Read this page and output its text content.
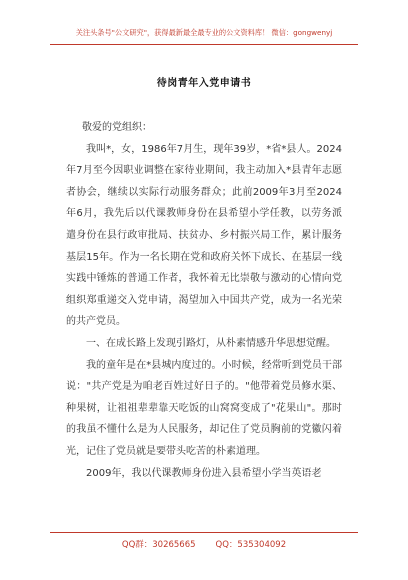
关注头条号"公文研究"，获得最新最全最专业的公文资料库！ 微信：gongwenyj
待岗青年入党申请书

敬爱的党组织：

我叫*，女，1986年7月生，现年39岁，*省*县人。2024年7月至今因职业调整在家待业期间，我主动加入*县青年志愿者协会，继续以实际行动服务群众；此前2009年3月至2024年6月，我先后以代课教师身份在县希望小学任教，以劳务派遣身份在县行政审批局、扶贫办、乡村振兴局工作，累计服务基层15年。作为一名长期在党和政府关怀下成长、在基层一线实践中锤炼的普通工作者，我怀着无比崇敬与激动的心情向党组织郑重递交入党申请，渴望加入中国共产党，成为一名光荣的共产党员。

一、在成长路上发现引路灯，从朴素情感升华思想觉醒。

我的童年是在*县城内度过的。小时候，经常听到党员干部说："共产党是为咱老百姓过好日子的。"他带着党员修水渠、种果树，让祖祖辈辈靠天吃饭的山窝窝变成了"花果山"。那时的我虽不懂什么是为人民服务，却记住了党员胸前的党徽闪着光，记住了党员就是要带头吃苦的朴素道理。

2009年，我以代课教师身份进入县希望小学当英语老

QQ群：30265665 QQ：535304092
